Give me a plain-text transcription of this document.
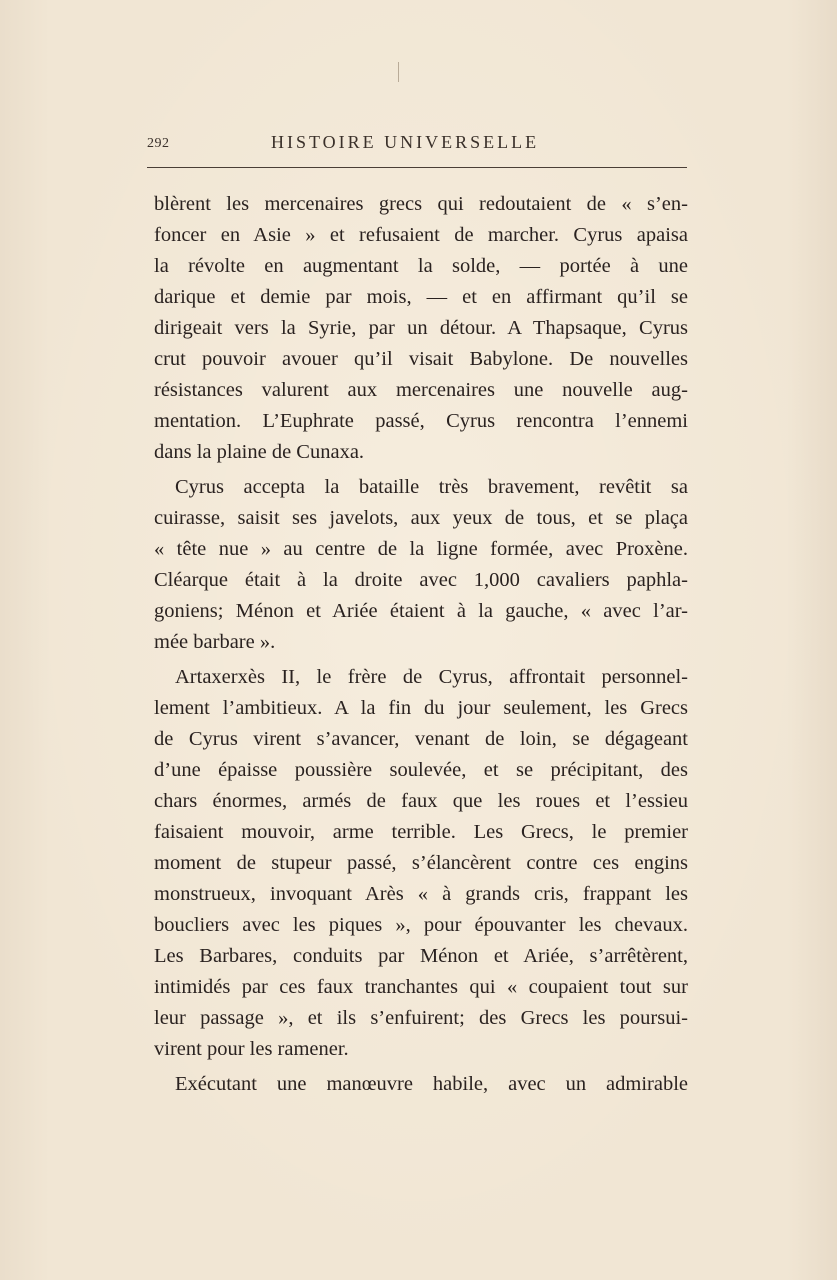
292	HISTOIRE UNIVERSELLE
blèrent les mercenaires grecs qui redoutaient de « s’en-
foncer en Asie » et refusaient de marcher. Cyrus apaisa
la révolte en augmentant la solde, — portée à une
darique et demie par mois, — et en affirmant qu’il se
dirigeait vers la Syrie, par un détour. A Thapsaque, Cyrus
crut pouvoir avouer qu’il visait Babylone. De nouvelles
résistances valurent aux mercenaires une nouvelle aug-
mentation. L’Euphrate passé, Cyrus rencontra l’ennemi
dans la plaine de Cunaxa.
Cyrus accepta la bataille très bravement, revêtit sa
cuirasse, saisit ses javelots, aux yeux de tous, et se plaça
« tête nue » au centre de la ligne formée, avec Proxène.
Cléarque était à la droite avec 1,000 cavaliers paphla-
goniens; Ménon et Ariée étaient à la gauche, « avec l’ar-
mée barbare ».
Artaxerxès II, le frère de Cyrus, affrontait personnel-
lement l’ambitieux. A la fin du jour seulement, les Grecs
de Cyrus virent s’avancer, venant de loin, se dégageant
d’une épaisse poussière soulevée, et se précipitant, des
chars énormes, armés de faux que les roues et l’essieu
faisaient mouvoir, arme terrible. Les Grecs, le premier
moment de stupeur passé, s’élancèrent contre ces engins
monstrueux, invoquant Arès « à grands cris, frappant les
boucliers avec les piques », pour épouvanter les chevaux.
Les Barbares, conduits par Ménon et Ariée, s’arrêtèrent,
intimidés par ces faux tranchantes qui « coupaient tout sur
leur passage », et ils s’enfuirent; des Grecs les poursui-
virent pour les ramener.
Exécutant une manœuvre habile, avec un admirable
